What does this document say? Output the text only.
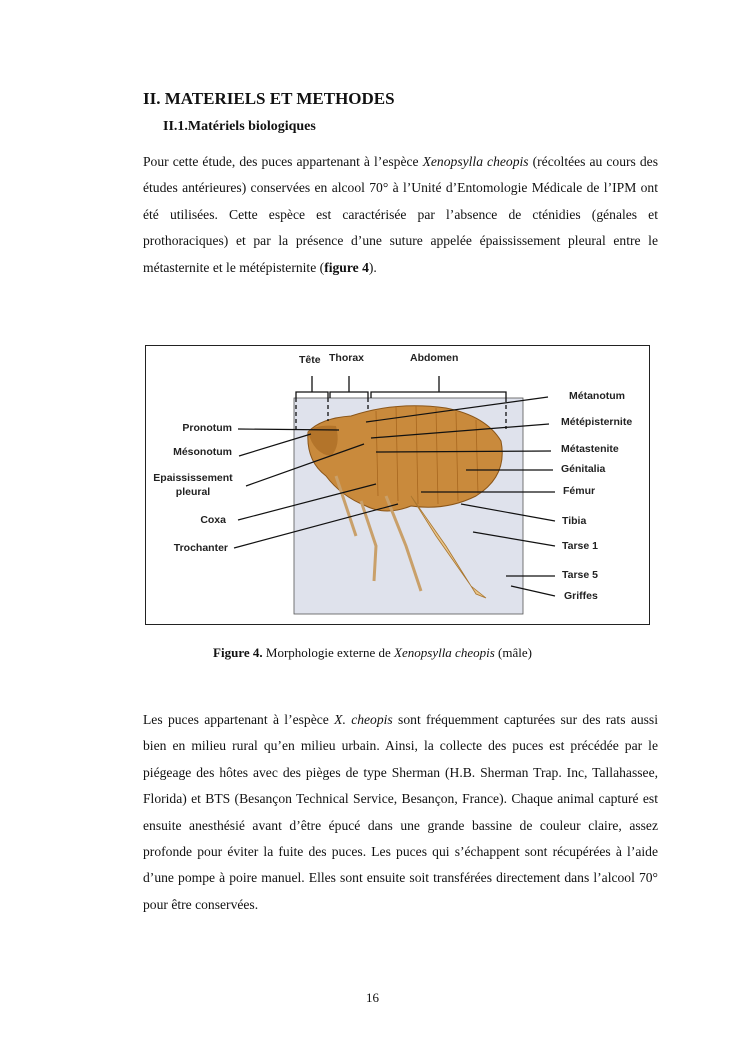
II. MATERIELS ET METHODES
II.1.Matériels biologiques

Pour cette étude, des puces appartenant à l’espèce Xenopsylla cheopis (récoltées au cours des études antérieures) conservées en alcool 70° à l’Unité d’Entomologie Médicale de l’IPM ont été utilisées. Cette espèce est caractérisée par l’absence de cténidies (génales et prothoraciques) et par la présence d’une suture appelée épaississement pleural entre le métasternite et le métépisternite (figure 4).

Tête Thorax	Abdomen
Pronotum
Mésonotum
Epaississement
pleural
Coxa
Trochanter
Métanotum
Métépisternite
Métastenite
Génitalia
Fémur
Tibia
Tarse 1
Tarse 5
Griffes
Figure 4. Morphologie externe de Xenopsylla cheopis (mâle)

Les puces appartenant à l’espèce X. cheopis sont fréquemment capturées sur des rats aussi bien en milieu rural qu’en milieu urbain. Ainsi, la collecte des puces est précédée par le piégeage des hôtes avec des pièges de type Sherman (H.B. Sherman Trap. Inc, Tallahassee, Florida) et BTS (Besançon Technical Service, Besançon, France). Chaque animal capturé est ensuite anesthésié avant d’être épucé dans une grande bassine de couleur claire, assez profonde pour éviter la fuite des puces. Les puces qui s’échappent sont récupérées à l’aide d’une pompe à poire manuel. Elles sont ensuite soit transférées directement dans l’alcool 70° pour être conservées.

16
